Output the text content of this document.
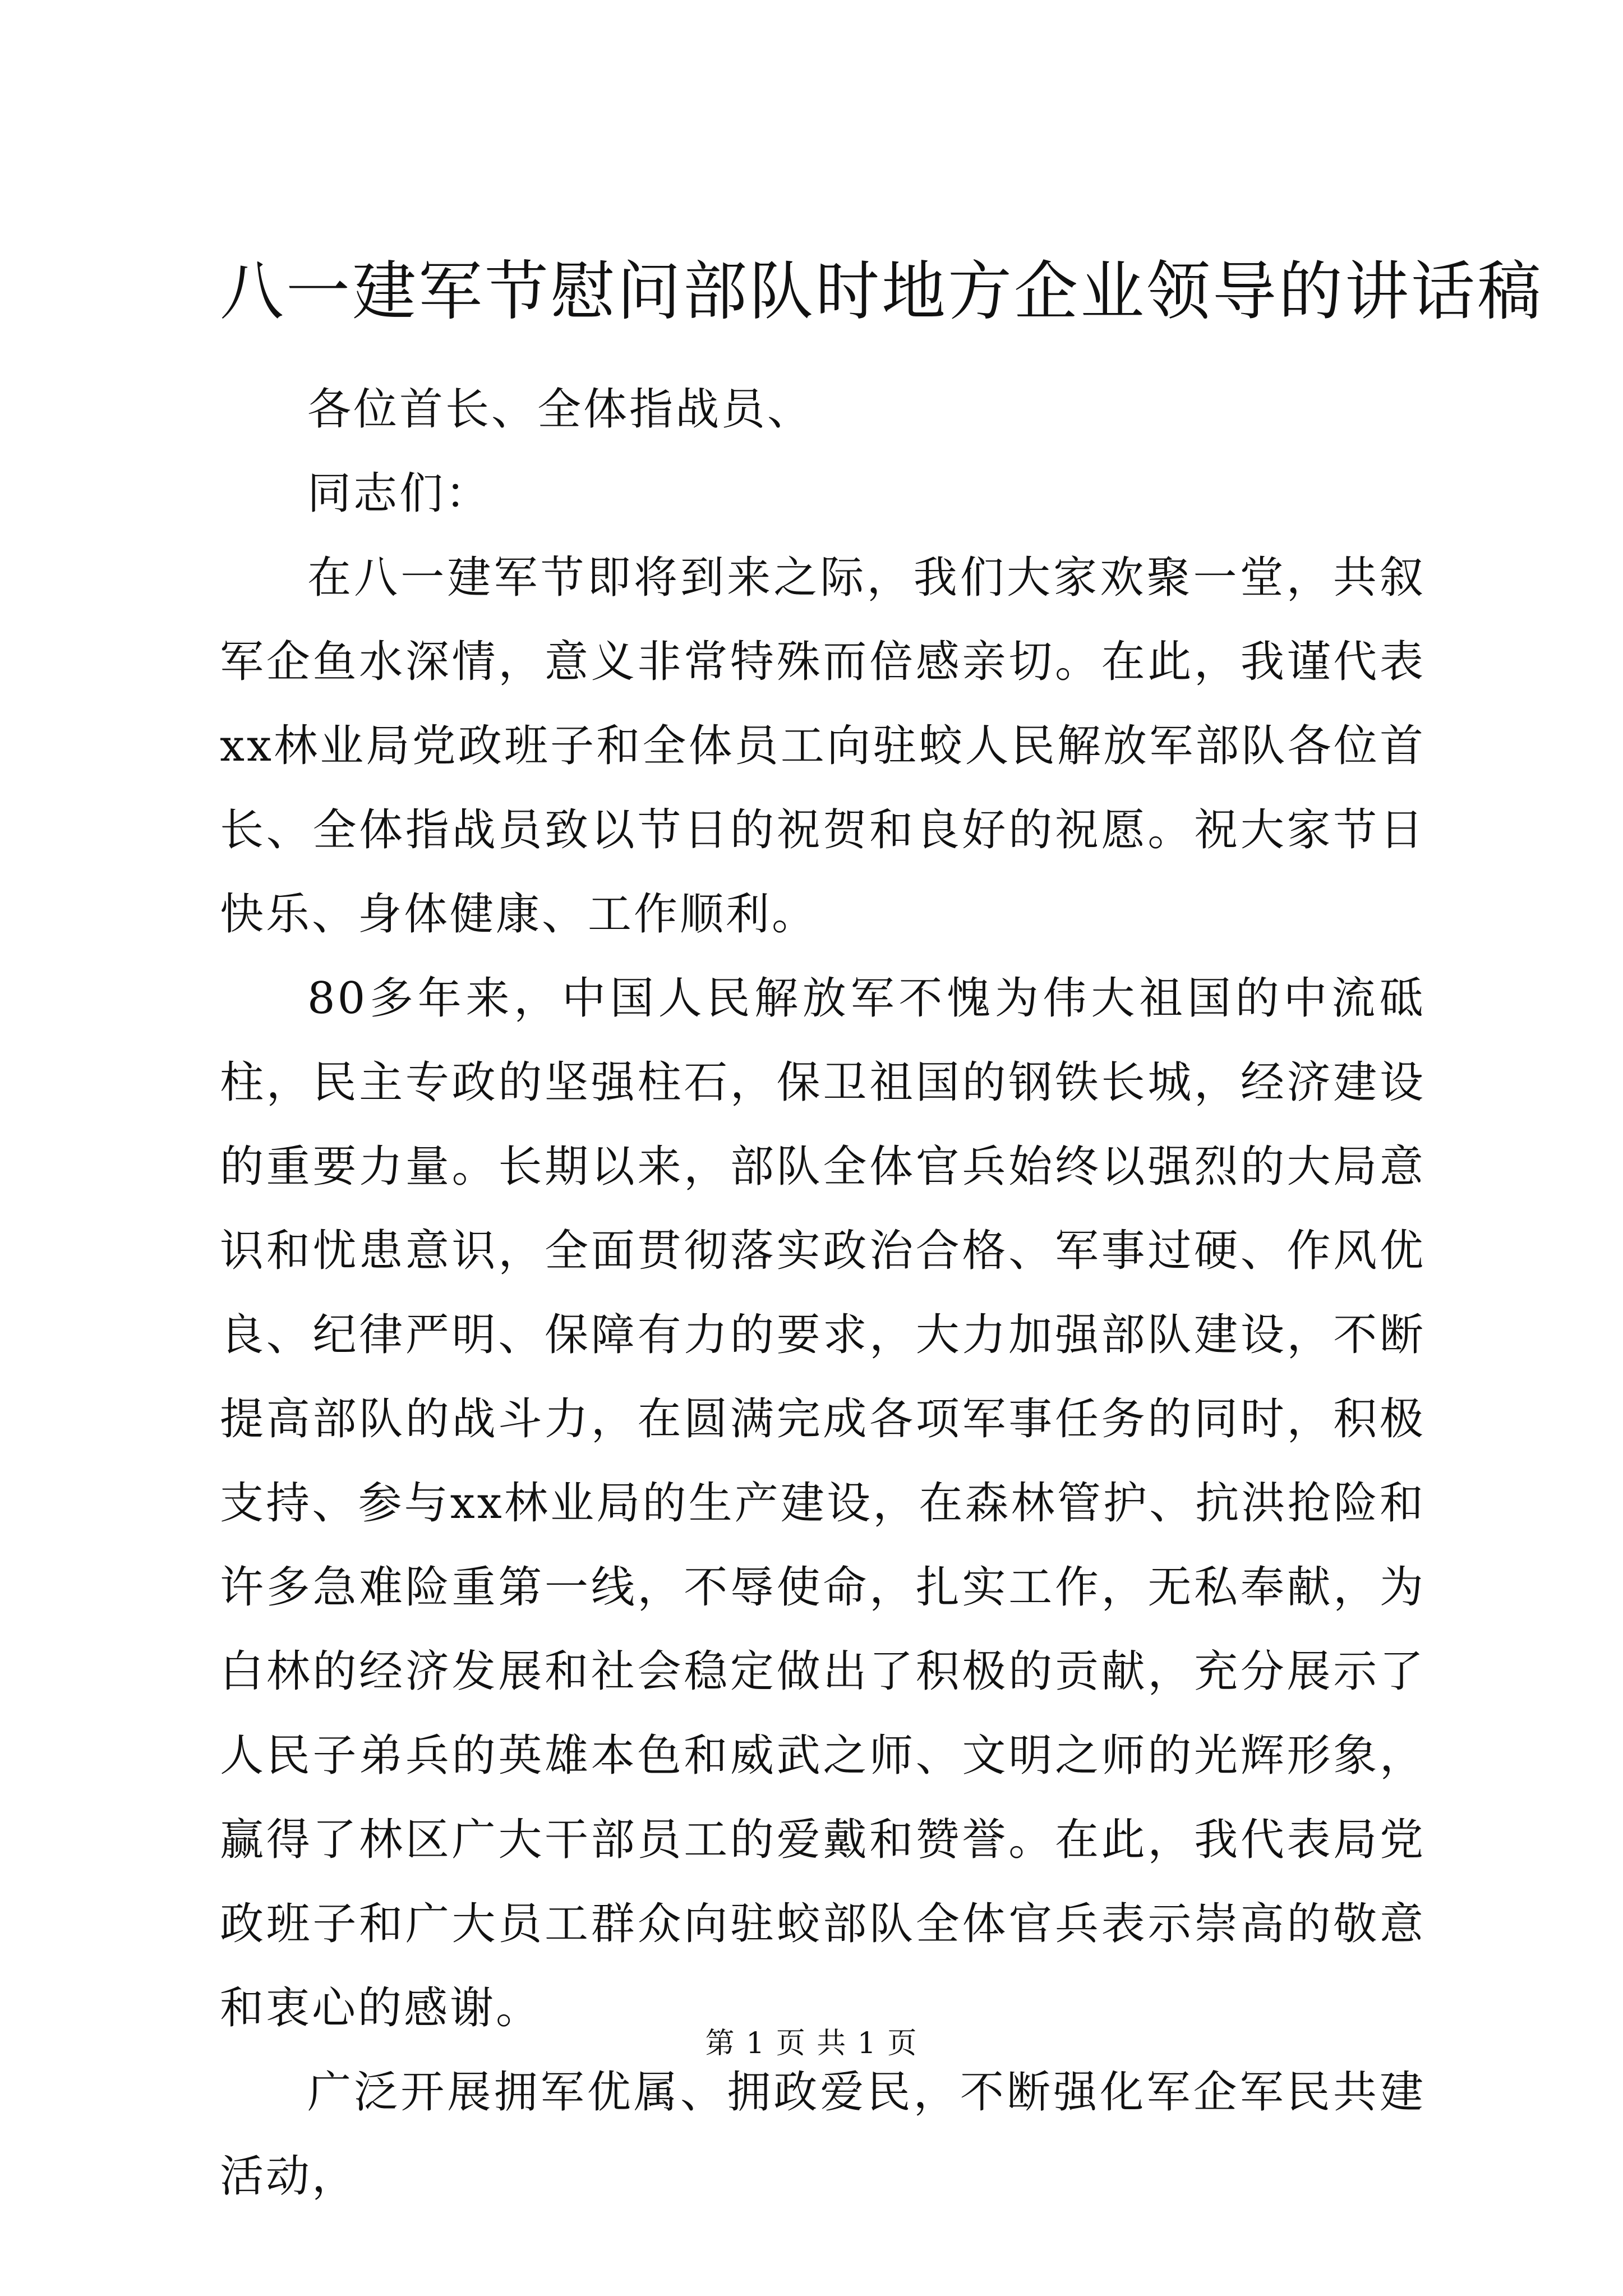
八一建军节慰问部队时地方企业领导的讲话稿

各位首长、全体指战员、

同志们：

在八一建军节即将到来之际，我们大家欢聚一堂，共叙军企鱼水深情，意义非常特殊而倍感亲切。在此，我谨代表xx林业局党政班子和全体员工向驻蛟人民解放军部队各位首长、全体指战员致以节日的祝贺和良好的祝愿。祝大家节日快乐、身体健康、工作顺利。

80多年来，中国人民解放军不愧为伟大祖国的中流砥柱，民主专政的坚强柱石，保卫祖国的钢铁长城，经济建设的重要力量。长期以来，部队全体官兵始终以强烈的大局意识和忧患意识，全面贯彻落实政治合格、军事过硬、作风优良、纪律严明、保障有力的要求，大力加强部队建设，不断提高部队的战斗力，在圆满完成各项军事任务的同时，积极支持、参与xx林业局的生产建设，在森林管护、抗洪抢险和许多急难险重第一线，不辱使命，扎实工作，无私奉献，为白林的经济发展和社会稳定做出了积极的贡献，充分展示了人民子弟兵的英雄本色和威武之师、文明之师的光辉形象，赢得了林区广大干部员工的爱戴和赞誉。在此，我代表局党政班子和广大员工群众向驻蛟部队全体官兵表示崇高的敬意和衷心的感谢。

广泛开展拥军优属、拥政爱民，不断强化军企军民共建活动，

第 1 页 共 1 页
